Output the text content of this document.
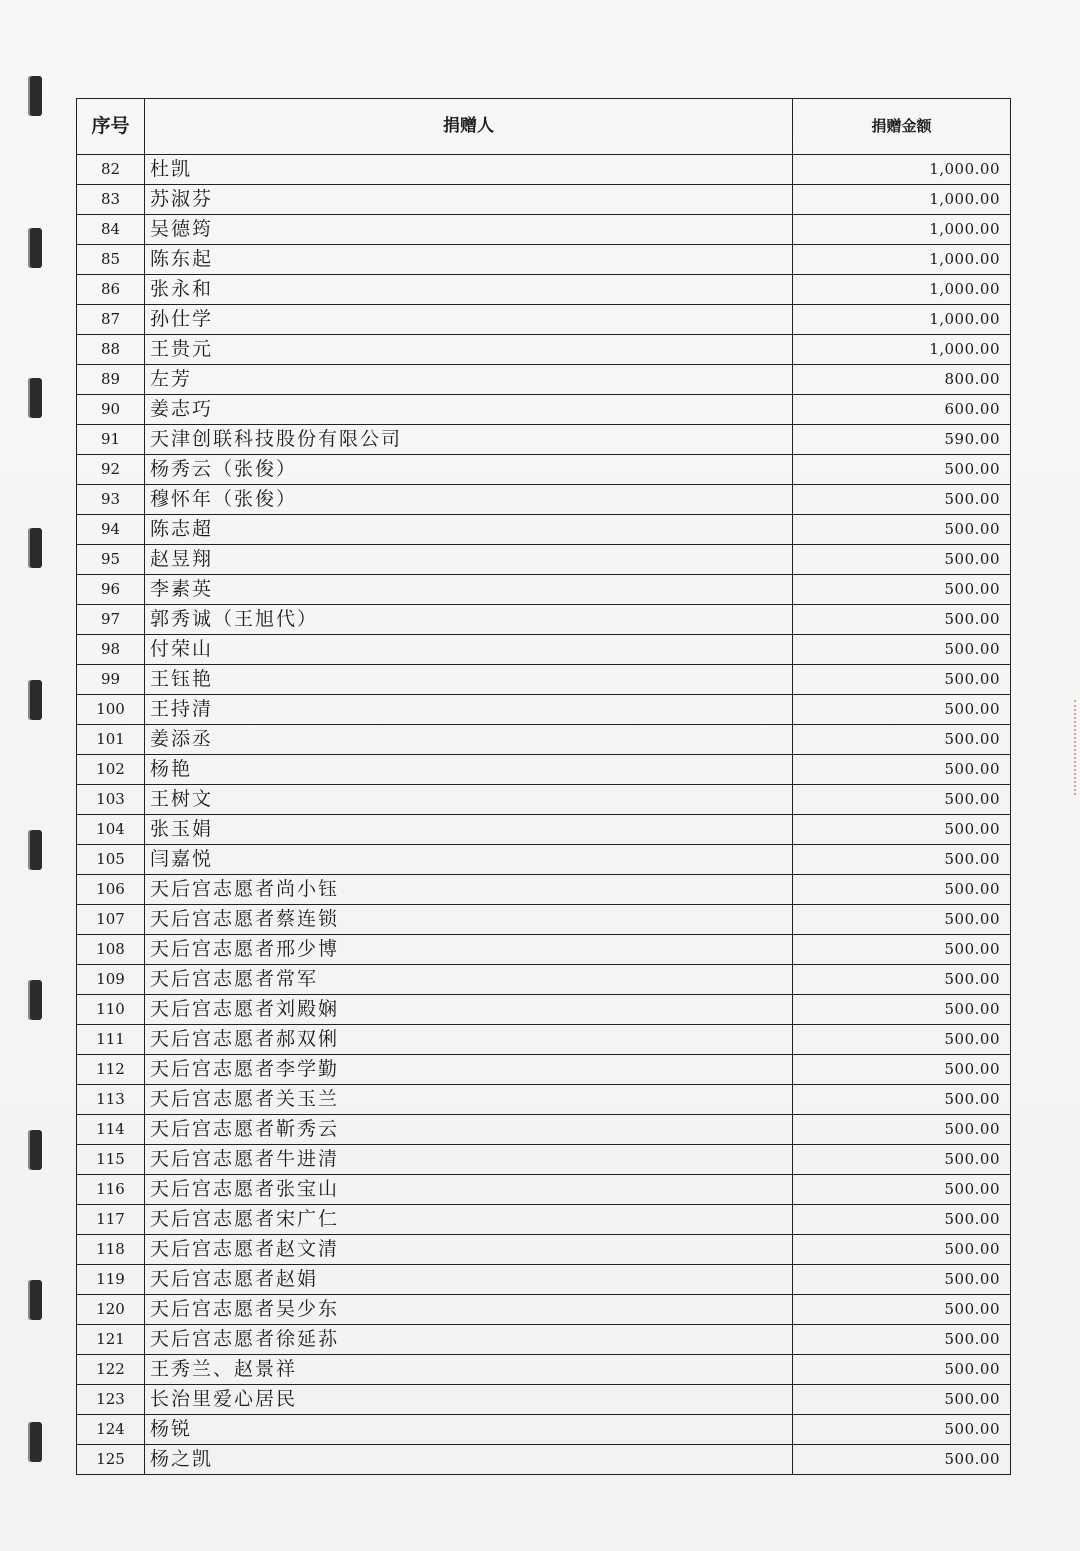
序号	捐赠人	捐赠金额
82	杜凯	1,000.00
83	苏淑芬	1,000.00
84	吴德筠	1,000.00
85	陈东起	1,000.00
86	张永和	1,000.00
87	孙仕学	1,000.00
88	王贵元	1,000.00
89	左芳	800.00
90	姜志巧	600.00
91	天津创联科技股份有限公司	590.00
92	杨秀云（张俊）	500.00
93	穆怀年（张俊）	500.00
94	陈志超	500.00
95	赵昱翔	500.00
96	李素英	500.00
97	郭秀诚（王旭代）	500.00
98	付荣山	500.00
99	王钰艳	500.00
100	王持清	500.00
101	姜添丞	500.00
102	杨艳	500.00
103	王树文	500.00
104	张玉娟	500.00
105	闫嘉悦	500.00
106	天后宫志愿者尚小钰	500.00
107	天后宫志愿者蔡连锁	500.00
108	天后宫志愿者邢少博	500.00
109	天后宫志愿者常军	500.00
110	天后宫志愿者刘殿娴	500.00
111	天后宫志愿者郝双俐	500.00
112	天后宫志愿者李学勤	500.00
113	天后宫志愿者关玉兰	500.00
114	天后宫志愿者靳秀云	500.00
115	天后宫志愿者牛进清	500.00
116	天后宫志愿者张宝山	500.00
117	天后宫志愿者宋广仁	500.00
118	天后宫志愿者赵文清	500.00
119	天后宫志愿者赵娟	500.00
120	天后宫志愿者吴少东	500.00
121	天后宫志愿者徐延荪	500.00
122	王秀兰、赵景祥	500.00
123	长治里爱心居民	500.00
124	杨锐	500.00
125	杨之凯	500.00
